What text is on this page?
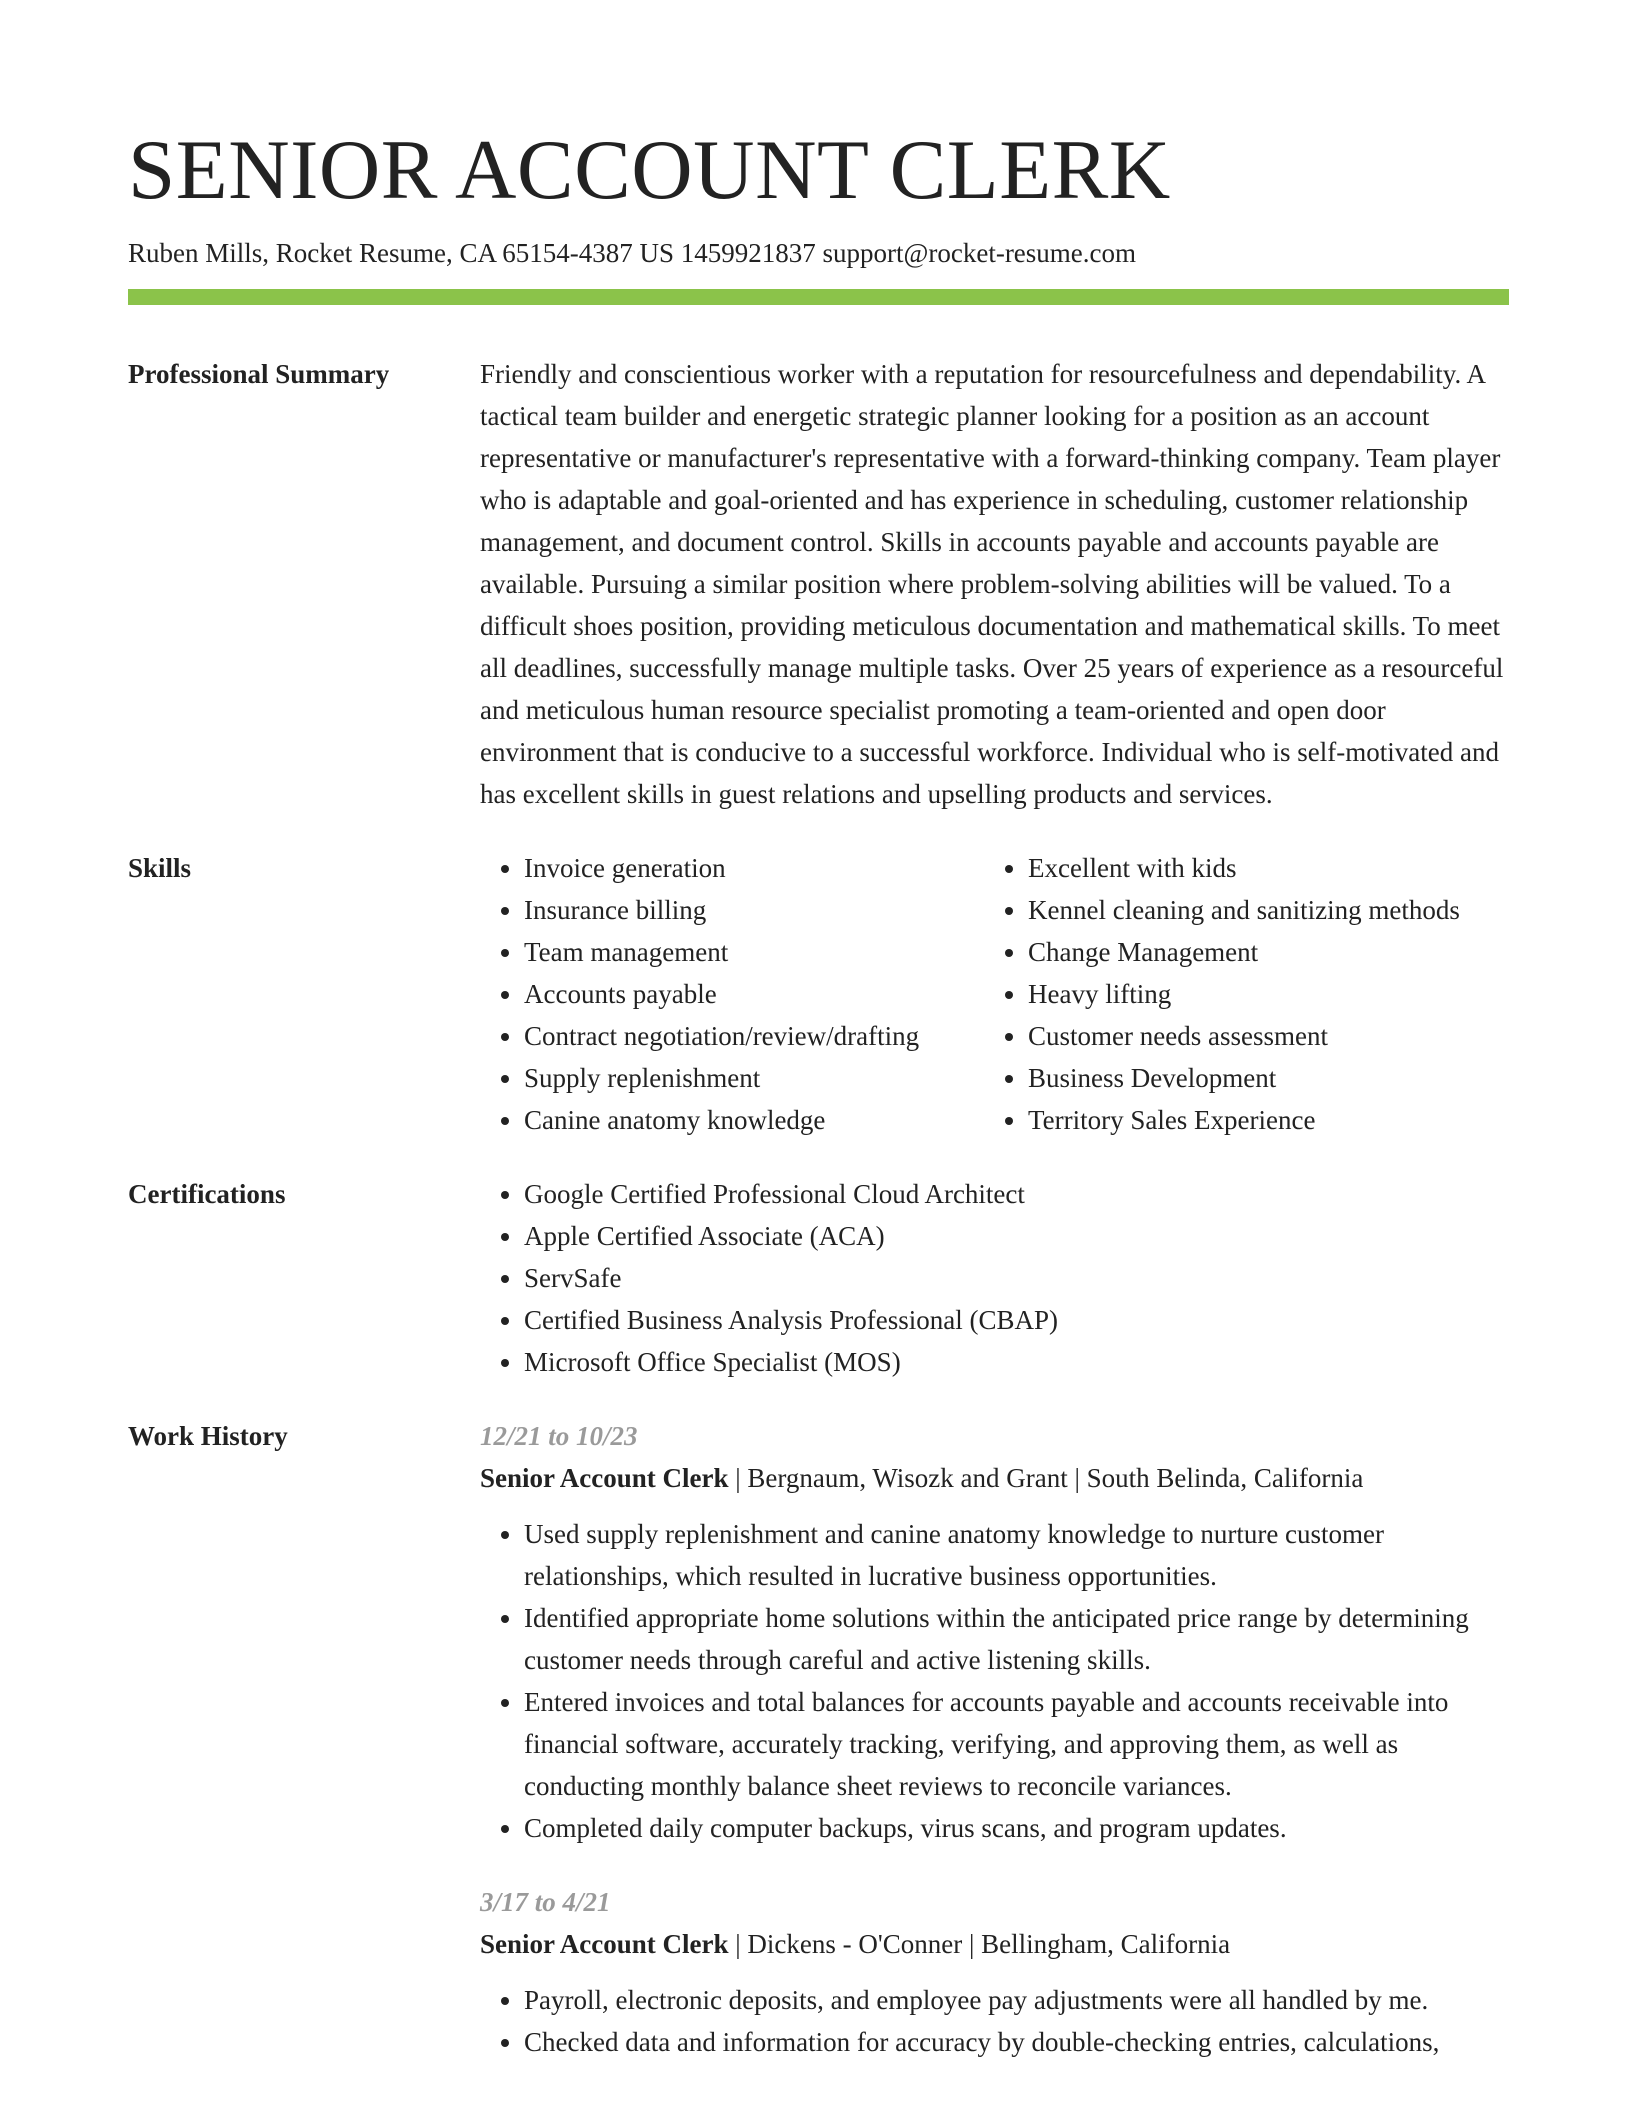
SENIOR ACCOUNT CLERK
Ruben Mills, Rocket Resume, CA 65154-4387 US 1459921837 support@rocket-resume.com
Professional Summary	Friendly and conscientious worker with a reputation for resourcefulness and dependability. A tactical team builder and energetic strategic planner looking for a position as an account representative or manufacturer's representative with a forward-thinking company. Team player who is adaptable and goal-oriented and has experience in scheduling, customer relationship management, and document control. Skills in accounts payable and accounts payable are available. Pursuing a similar position where problem-solving abilities will be valued. To a difficult shoes position, providing meticulous documentation and mathematical skills. To meet all deadlines, successfully manage multiple tasks. Over 25 years of experience as a resourceful and meticulous human resource specialist promoting a team-oriented and open door environment that is conducive to a successful workforce. Individual who is self-motivated and has excellent skills in guest relations and upselling products and services.

Skills	• Invoice generation
• Insurance billing
• Team management
• Accounts payable
• Contract negotiation/review/drafting
• Supply replenishment
• Canine anatomy knowledge
• Excellent with kids
• Kennel cleaning and sanitizing methods
• Change Management
• Heavy lifting
• Customer needs assessment
• Business Development
• Territory Sales Experience
Certifications	• Google Certified Professional Cloud Architect
• Apple Certified Associate (ACA)
• ServSafe
• Certified Business Analysis Professional (CBAP)
• Microsoft Office Specialist (MOS)
Work History	12/21 to 10/23

Senior Account Clerk | Bergnaum, Wisozk and Grant | South Belinda, California

• Used supply replenishment and canine anatomy knowledge to nurture customer relationships, which resulted in lucrative business opportunities.
• Identified appropriate home solutions within the anticipated price range by determining customer needs through careful and active listening skills.
• Entered invoices and total balances for accounts payable and accounts receivable into financial software, accurately tracking, verifying, and approving them, as well as conducting monthly balance sheet reviews to reconcile variances.
• Completed daily computer backups, virus scans, and program updates.

3/17 to 4/21

Senior Account Clerk | Dickens - O'Conner | Bellingham, California

• Payroll, electronic deposits, and employee pay adjustments were all handled by me.
• Checked data and information for accuracy by double-checking entries, calculations,
